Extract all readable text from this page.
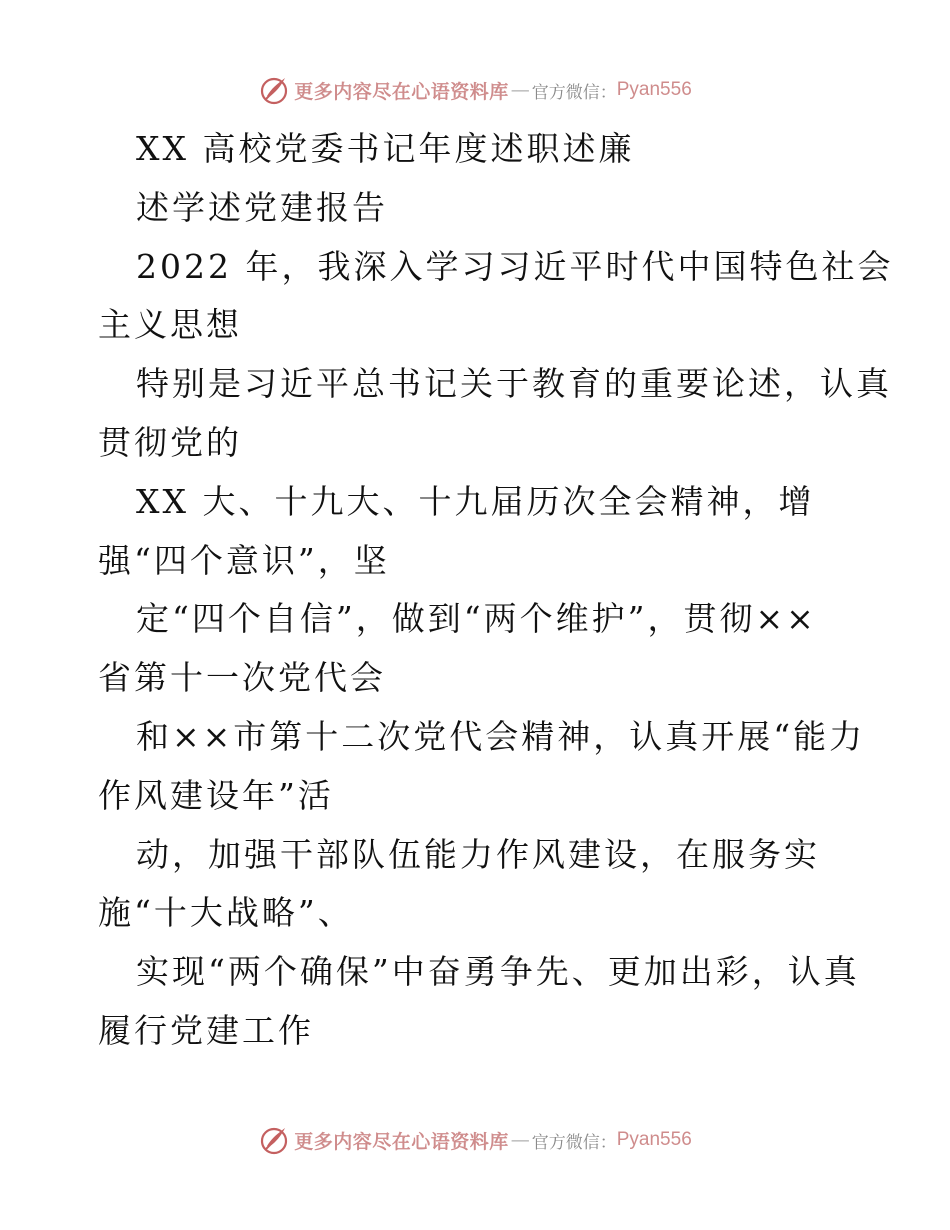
更多内容尽在心语资料库 — 官方微信： Pyan556
XX 高校党委书记年度述职述廉
述学述党建报告
2022 年，我深入学习习近平时代中国特色社会
主义思想
特别是习近平总书记关于教育的重要论述，认真
贯彻党的
XX 大、十九大、十九届历次全会精神，增
强“四个意识”，坚
定“四个自信”，做到“两个维护”，贯彻××
省第十一次党代会
和××市第十二次党代会精神，认真开展“能力
作风建设年”活
动，加强干部队伍能力作风建设，在服务实
施“十大战略”、
实现“两个确保”中奋勇争先、更加出彩，认真
履行党建工作
更多内容尽在心语资料库 — 官方微信： Pyan556
